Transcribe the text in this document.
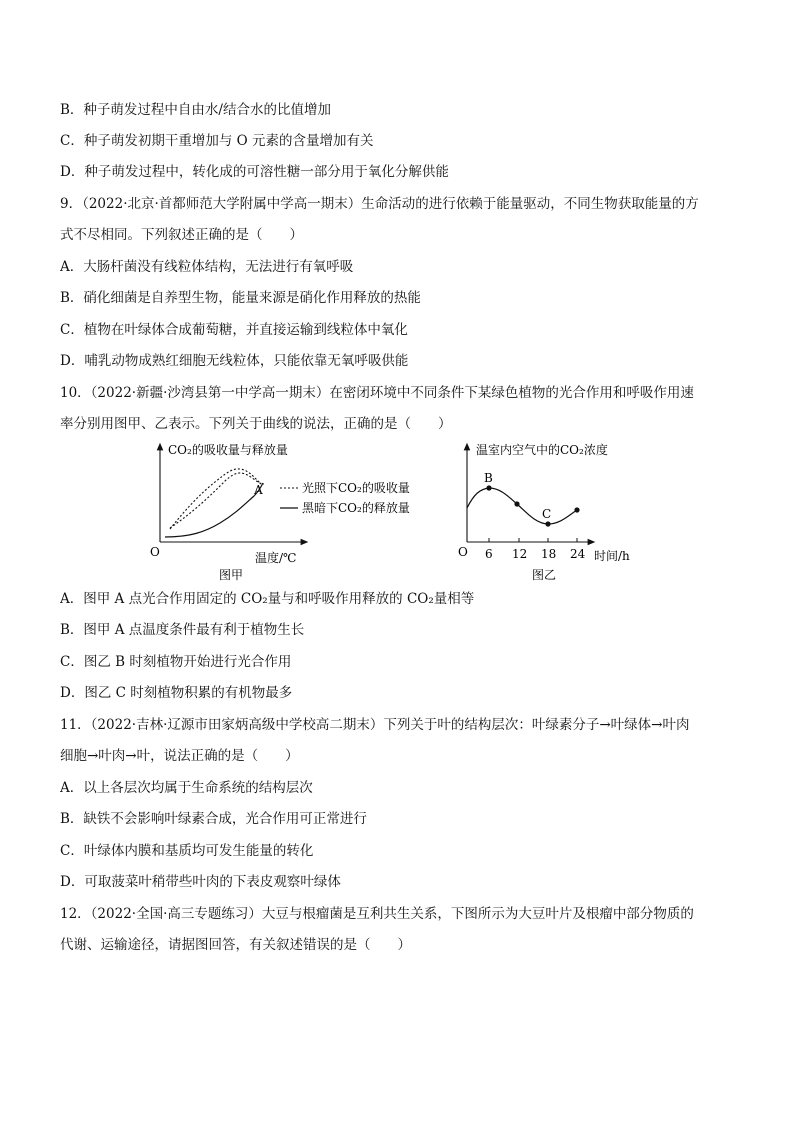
B．种子萌发过程中自由水/结合水的比值增加
C．种子萌发初期干重增加与 O 元素的含量增加有关
D．种子萌发过程中，转化成的可溶性糖一部分用于氧化分解供能
9．（2022·北京·首都师范大学附属中学高一期末）生命活动的进行依赖于能量驱动，不同生物获取能量的方
式不尽相同。下列叙述正确的是（　　）
A．大肠杆菌没有线粒体结构，无法进行有氧呼吸
B．硝化细菌是自养型生物，能量来源是硝化作用释放的热能
C．植物在叶绿体合成葡萄糖，并直接运输到线粒体中氧化
D．哺乳动物成熟红细胞无线粒体，只能依靠无氧呼吸供能
10．（2022·新疆·沙湾县第一中学高一期末）在密闭环境中不同条件下某绿色植物的光合作用和呼吸作用速
率分别用图甲、乙表示。下列关于曲线的说法，正确的是（　　）
CO₂的吸收量与释放量
O	温度/℃
A	光照下CO₂的吸收量
黑暗下CO₂的释放量
图甲
温室内空气中的CO₂浓度
O 6 12 18 24 时间/h
B
C
图乙
A．图甲 A 点光合作用固定的 CO₂量与和呼吸作用释放的 CO₂量相等
B．图甲 A 点温度条件最有利于植物生长
C．图乙 B 时刻植物开始进行光合作用
D．图乙 C 时刻植物积累的有机物最多
11．（2022·吉林·辽源市田家炳高级中学校高二期末）下列关于叶的结构层次：叶绿素分子→叶绿体→叶肉
细胞→叶肉→叶，说法正确的是（　　）
A．以上各层次均属于生命系统的结构层次
B．缺铁不会影响叶绿素合成，光合作用可正常进行
C．叶绿体内膜和基质均可发生能量的转化
D．可取菠菜叶稍带些叶肉的下表皮观察叶绿体
12．（2022·全国·高三专题练习）大豆与根瘤菌是互利共生关系，下图所示为大豆叶片及根瘤中部分物质的
代谢、运输途径，请据图回答，有关叙述错误的是（　　）
